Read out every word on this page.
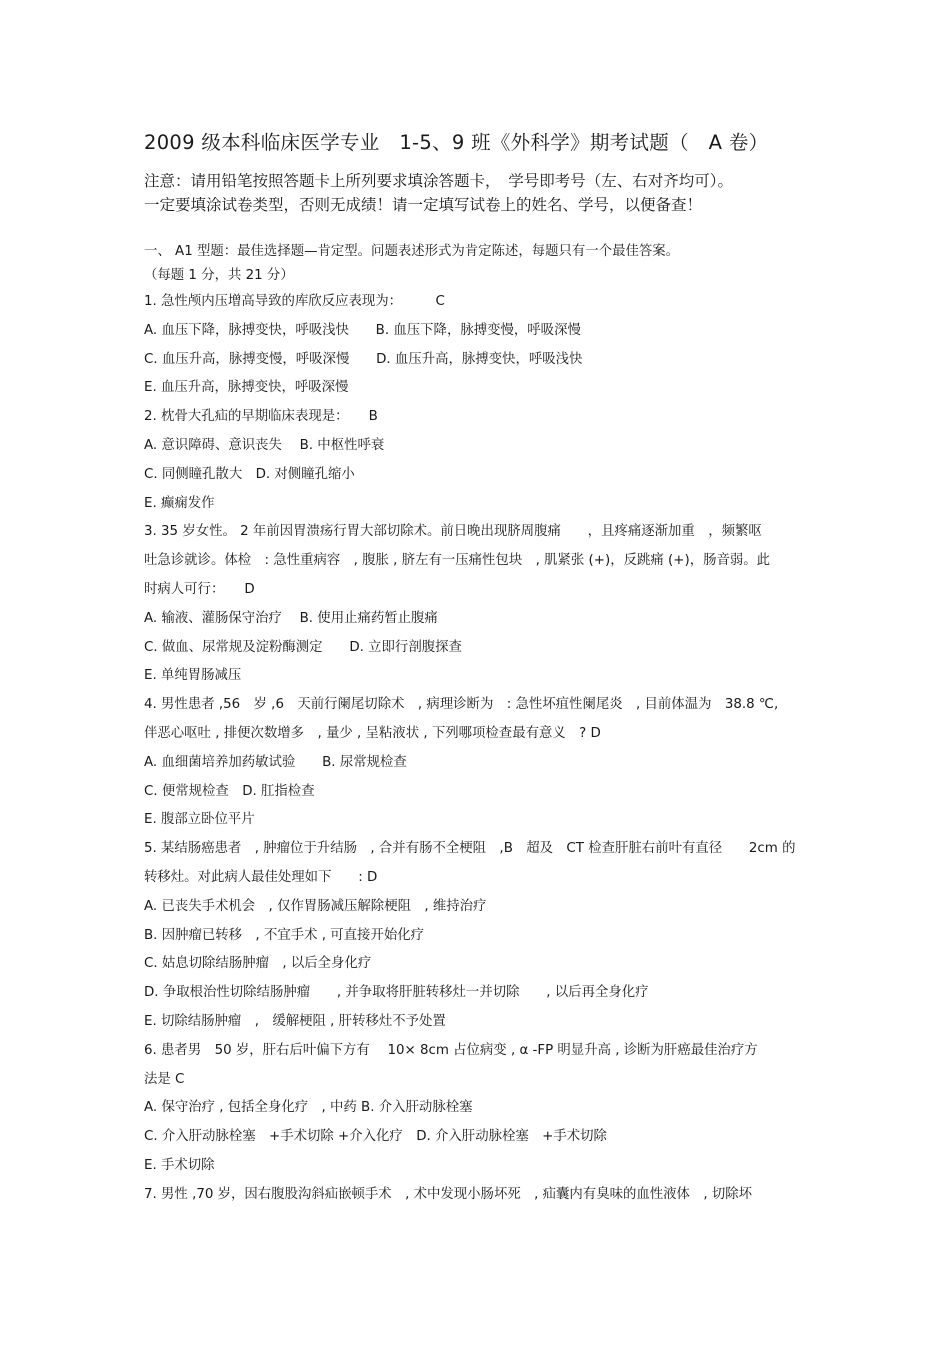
2009 级本科临床医学专业　1-5、9 班《外科学》期考试题（　A 卷）
注意：请用铅笔按照答题卡上所列要求填涂答题卡，　学号即考号（左、右对齐均可）。
一定要填涂试卷类型，否则无成绩！请一定填写试卷上的姓名、学号，以便备查！
一、 A1 型题：最佳选择题—肯定型。问题表述形式为肯定陈述，每题只有一个最佳答案。
（每题 1 分，共 21 分）
1. 急性颅内压增高导致的库欣反应表现为：　　　C
A. 血压下降，脉搏变快，呼吸浅快　　B. 血压下降，脉搏变慢，呼吸深慢
C. 血压升高，脉搏变慢，呼吸深慢　　D. 血压升高，脉搏变快，呼吸浅快
E. 血压升高，脉搏变快，呼吸深慢
2. 枕骨大孔疝的早期临床表现是：　　B
A. 意识障碍、意识丧失　 B. 中枢性呼衰
C. 同侧瞳孔散大　D. 对侧瞳孔缩小
E. 癫痫发作
3. 35 岁女性。 2 年前因胃溃疡行胃大部切除术。前日晚出现脐周腹痛　　，且疼痛逐渐加重　，频繁呕
吐急诊就诊。体检　: 急性重病容　, 腹胀 , 脐左有一压痛性包块　, 肌紧张 (+)，反跳痛 (+)，肠音弱。此
时病人可行：　　D
A. 输液、灌肠保守治疗　 B. 使用止痛药暂止腹痛
C. 做血、尿常规及淀粉酶测定　　D. 立即行剖腹探查
E. 单纯胃肠减压
4. 男性患者 ,56　岁 ,6　天前行阑尾切除术　, 病理诊断为　: 急性坏疽性阑尾炎　, 目前体温为　38.8 ℃,
伴恶心呕吐 , 排便次数增多　, 量少 , 呈粘液状 , 下列哪项检查最有意义　? D
A. 血细菌培养加药敏试验　　B. 尿常规检查
C. 便常规检查　D. 肛指检查
E. 腹部立卧位平片
5. 某结肠癌患者　, 肿瘤位于升结肠　, 合并有肠不全梗阻　,B　超及　CT 检查肝脏右前叶有直径　　2cm 的
转移灶。对此病人最佳处理如下　　: D
A. 已丧失手术机会　, 仅作胃肠减压解除梗阻　, 维持治疗
B. 因肿瘤已转移　, 不宜手术 , 可直接开始化疗
C. 姑息切除结肠肿瘤　, 以后全身化疗
D. 争取根治性切除结肠肿瘤　　, 并争取将肝脏转移灶一并切除　　, 以后再全身化疗
E. 切除结肠肿瘤　,　缓解梗阻 , 肝转移灶不予处置
6. 患者男　50 岁，肝右后叶偏下方有　 10× 8cm 占位病变 , α -FP 明显升高 , 诊断为肝癌最佳治疗方
法是 C
A. 保守治疗 , 包括全身化疗　, 中药 B. 介入肝动脉栓塞
C. 介入肝动脉栓塞　+手术切除 +介入化疗　D. 介入肝动脉栓塞　+手术切除
E. 手术切除
7. 男性 ,70 岁，因右腹股沟斜疝嵌顿手术　, 术中发现小肠坏死　, 疝囊内有臭味的血性液体　, 切除坏
